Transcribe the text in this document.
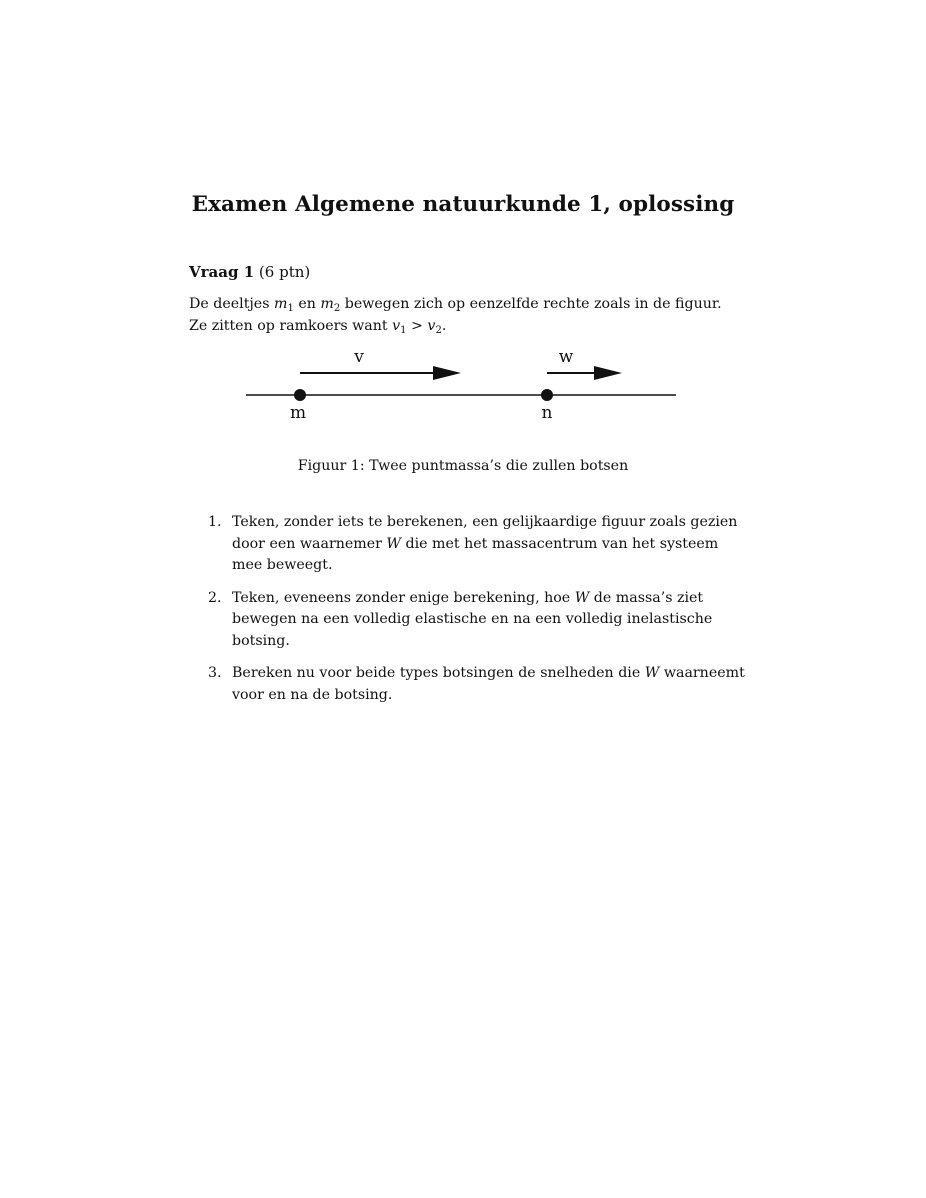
Examen Algemene natuurkunde 1, oplossing
Vraag 1 (6 ptn)
De deeltjes $m_1$ en $m_2$ bewegen zich op eenzelfde rechte zoals in de figuur.
Ze zitten op ramkoers want $v_1 > v_2$.
v	w
m	n
Figuur 1: Twee puntmassa’s die zullen botsen
1. Teken, zonder iets te berekenen, een gelijkaardige figuur zoals gezien door een waarnemer W die met het massacentrum van het systeem mee beweegt.
2. Teken, eveneens zonder enige berekening, hoe W de massa’s ziet bewegen na een volledig elastische en na een volledig inelastische botsing.
3. Bereken nu voor beide types botsingen de snelheden die W waarneemt voor en na de botsing.
